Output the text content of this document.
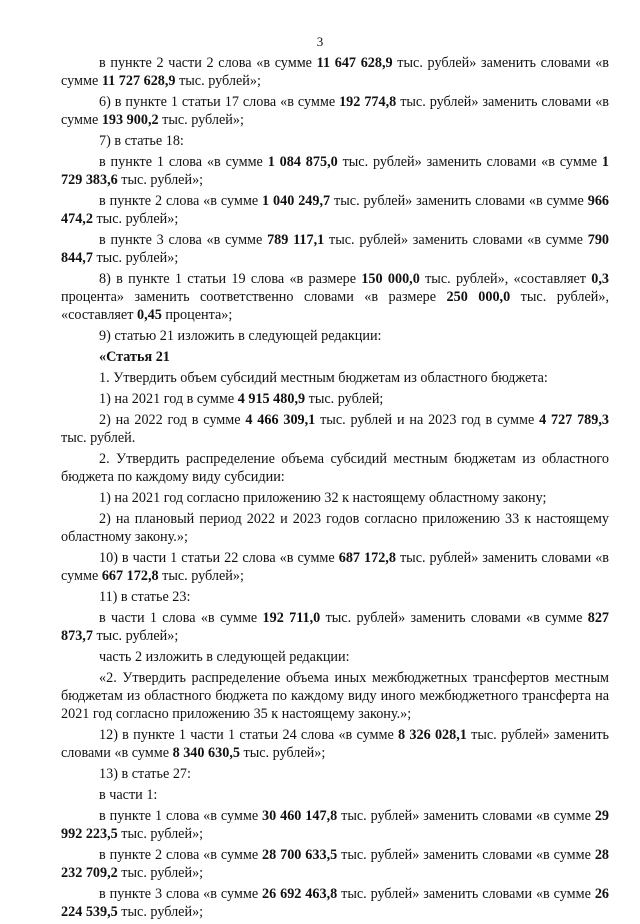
3

в пункте 2 части 2 слова «в сумме 11 647 628,9 тыс. рублей» заменить словами «в сумме 11 727 628,9 тыс. рублей»;

6) в пункте 1 статьи 17 слова «в сумме 192 774,8 тыс. рублей» заменить словами «в сумме 193 900,2 тыс. рублей»;

7) в статье 18:

в пункте 1 слова «в сумме 1 084 875,0 тыс. рублей» заменить словами «в сумме 1 729 383,6 тыс. рублей»;

в пункте 2 слова «в сумме 1 040 249,7 тыс. рублей» заменить словами «в сумме 966 474,2 тыс. рублей»;

в пункте 3 слова «в сумме 789 117,1 тыс. рублей» заменить словами «в сумме 790 844,7 тыс. рублей»;

8) в пункте 1 статьи 19 слова «в размере 150 000,0 тыс. рублей», «составляет 0,3 процента» заменить соответственно словами «в размере 250 000,0 тыс. рублей», «составляет 0,45 процента»;

9) статью 21 изложить в следующей редакции:

«Статья 21

1. Утвердить объем субсидий местным бюджетам из областного бюджета:

1) на 2021 год в сумме 4 915 480,9 тыс. рублей;

2) на 2022 год в сумме 4 466 309,1 тыс. рублей и на 2023 год в сумме 4 727 789,3 тыс. рублей.

2. Утвердить распределение объема субсидий местным бюджетам из областного бюджета по каждому виду субсидии:

1) на 2021 год согласно приложению 32 к настоящему областному закону;

2) на плановый период 2022 и 2023 годов согласно приложению 33 к настоящему областному закону.»;

10) в части 1 статьи 22 слова «в сумме 687 172,8 тыс. рублей» заменить словами «в сумме 667 172,8 тыс. рублей»;

11) в статье 23:

в части 1 слова «в сумме 192 711,0 тыс. рублей» заменить словами «в сумме 827 873,7 тыс. рублей»;

часть 2 изложить в следующей редакции:

«2. Утвердить распределение объема иных межбюджетных трансфертов местным бюджетам из областного бюджета по каждому виду иного межбюджетного трансферта на 2021 год согласно приложению 35 к настоящему закону.»;

12) в пункте 1 части 1 статьи 24 слова «в сумме 8 326 028,1 тыс. рублей» заменить словами «в сумме 8 340 630,5 тыс. рублей»;

13) в статье 27:

в части 1:

в пункте 1 слова «в сумме 30 460 147,8 тыс. рублей» заменить словами «в сумме 29 992 223,5 тыс. рублей»;

в пункте 2 слова «в сумме 28 700 633,5 тыс. рублей» заменить словами «в сумме 28 232 709,2 тыс. рублей»;

в пункте 3 слова «в сумме 26 692 463,8 тыс. рублей» заменить словами «в сумме 26 224 539,5 тыс. рублей»;
